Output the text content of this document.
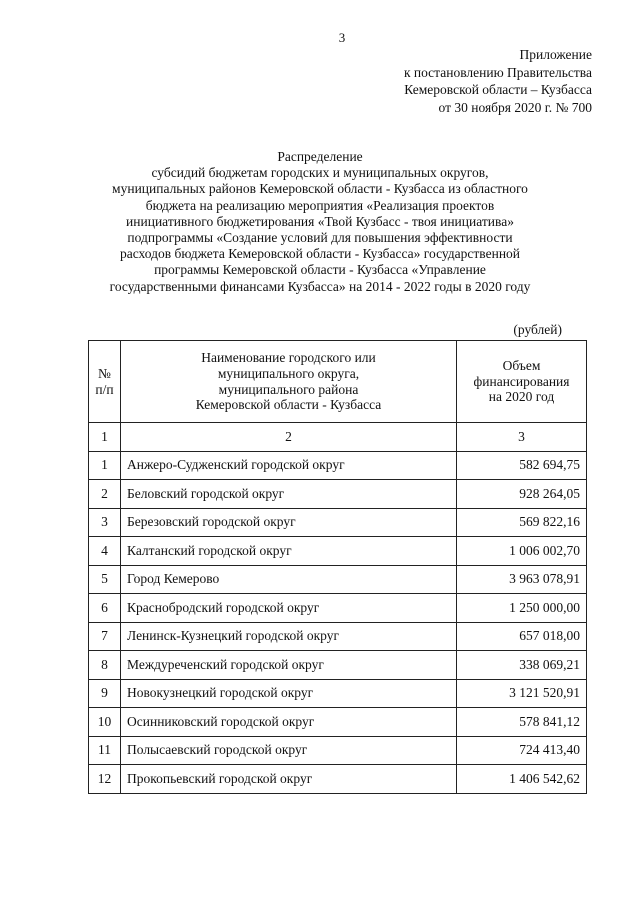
3
Приложение
к постановлению Правительства
Кемеровской области – Кузбасса
от 30 ноября 2020 г. № 700
Распределение
субсидий бюджетам городских и муниципальных округов,
муниципальных районов Кемеровской области - Кузбасса из областного
бюджета на реализацию мероприятия «Реализация проектов
инициативного бюджетирования «Твой Кузбасс - твоя инициатива»
подпрограммы «Создание условий для повышения эффективности
расходов бюджета Кемеровской области - Кузбасса» государственной
программы Кемеровской области - Кузбасса «Управление
государственными финансами Кузбасса» на 2014 - 2022 годы в 2020 году
(рублей)
№
п/п	Наименование городского или
муниципального округа,
муниципального района
Кемеровской области - Кузбасса	Объем
финансирования
на 2020 год

1	2	3
1	Анжеро-Судженский городской округ	582 694,75
2	Беловский городской округ	928 264,05
3	Березовский городской округ	569 822,16
4	Калтанский городской округ	1 006 002,70
5	Город Кемерово	3 963 078,91
6	Краснобродский городской округ	1 250 000,00
7	Ленинск-Кузнецкий городской округ	657 018,00
8	Междуреченский городской округ	338 069,21
9	Новокузнецкий городской округ	3 121 520,91
10	Осинниковский городской округ	578 841,12
11	Полысаевский городской округ	724 413,40
12	Прокопьевский городской округ	1 406 542,62
